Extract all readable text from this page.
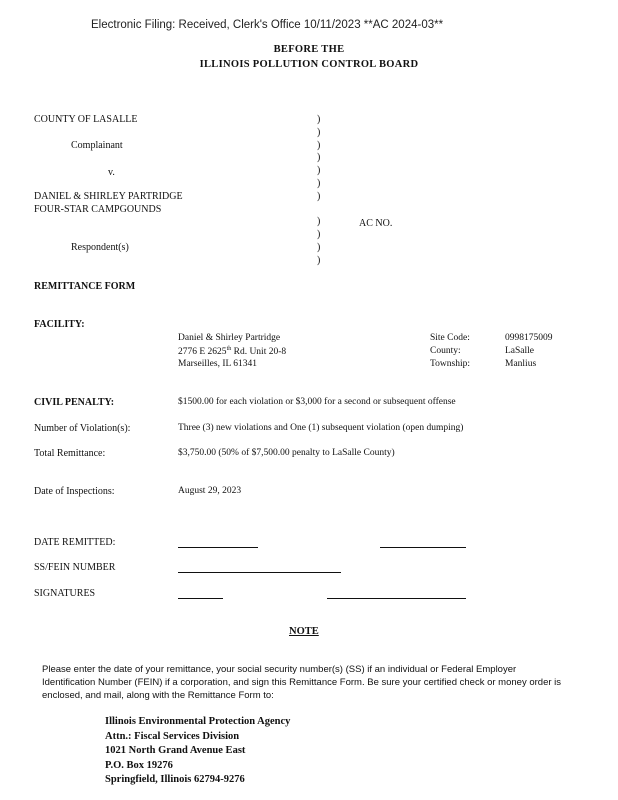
Electronic Filing: Received, Clerk's Office 10/11/2023 **AC 2024-03**
BEFORE THE
ILLINOIS POLLUTION CONTROL BOARD
COUNTY OF LASALLE
Complainant
v.
DANIEL & SHIRLEY PARTRIDGE
FOUR-STAR CAMPGOUNDS
Respondent(s)
AC NO.
)
)
)
)
)
)
)
)
)
)
)
REMITTANCE FORM
FACILITY:
Daniel & Shirley Partridge
2776 E 2625th Rd. Unit 20-8
Marseilles, IL 61341
Site Code:	0998175009
County:	LaSalle
Township:	Manlius
CIVIL PENALTY:	$1500.00 for each violation or $3,000 for a second or subsequent offense
Number of Violation(s):	Three (3) new violations and One (1) subsequent violation (open dumping)
Total Remittance:	$3,750.00 (50% of $7,500.00 penalty to LaSalle County)
Date of Inspections:	August 29, 2023
DATE REMITTED:
SS/FEIN NUMBER
SIGNATURES
NOTE
Please enter the date of your remittance, your social security number(s) (SS) if an individual or Federal Employer Identification Number (FEIN) if a corporation, and sign this Remittance Form. Be sure your certified check or money order is enclosed, and mail, along with the Remittance Form to:
Illinois Environmental Protection Agency
Attn.: Fiscal Services Division
1021 North Grand Avenue East
P.O. Box 19276
Springfield, Illinois 62794-9276
